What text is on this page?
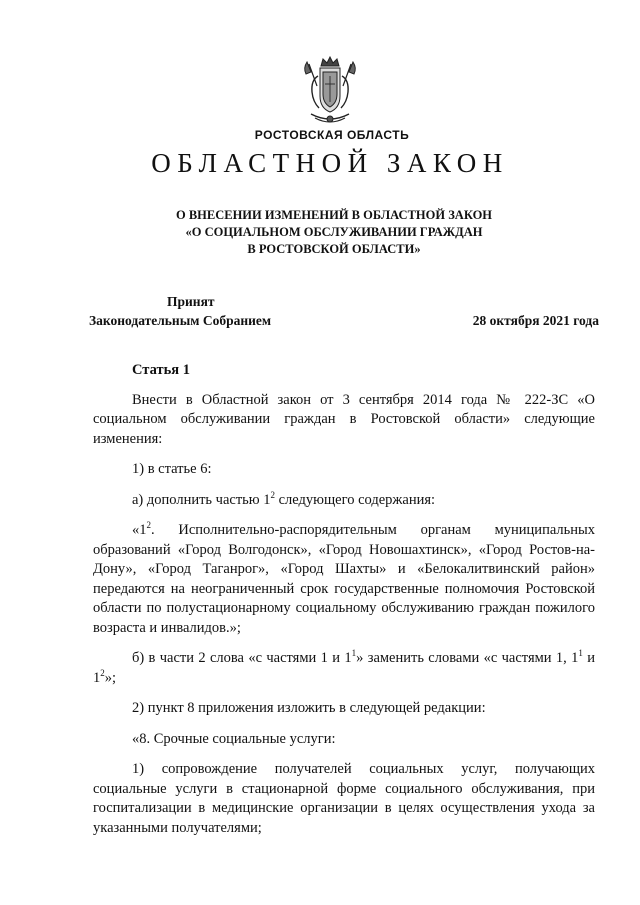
РОСТОВСКАЯ ОБЛАСТЬ
ОБЛАСТНОЙ ЗАКОН
О ВНЕСЕНИИ ИЗМЕНЕНИЙ В ОБЛАСТНОЙ ЗАКОН
«О СОЦИАЛЬНОМ ОБСЛУЖИВАНИИ ГРАЖДАН
В РОСТОВСКОЙ ОБЛАСТИ»
Принят
Законодательным Собранием	28 октября 2021 года
Статья 1

Внести в Областной закон от 3 сентября 2014 года № 222-ЗС «О социальном обслуживании граждан в Ростовской области» следующие изменения:

1) в статье 6:

а) дополнить частью $1^2$ следующего содержания:

«$1^2$. Исполнительно-распорядительным органам муниципальных образований «Город Волгодонск», «Город Новошахтинск», «Город Ростов-на-Дону», «Город Таганрог», «Город Шахты» и «Белокалитвинский район» передаются на неограниченный срок государственные полномочия Ростовской области по полустационарному социальному обслуживанию граждан пожилого возраста и инвалидов.»;

б) в части 2 слова «с частями 1 и $1^1$» заменить словами «с частями 1, $1^1$ и $1^2$»;

2) пункт 8 приложения изложить в следующей редакции:

«8. Срочные социальные услуги:

1) сопровождение получателей социальных услуг, получающих социальные услуги в стационарной форме социального обслуживания, при госпитализации в медицинские организации в целях осуществления ухода за указанными получателями;
